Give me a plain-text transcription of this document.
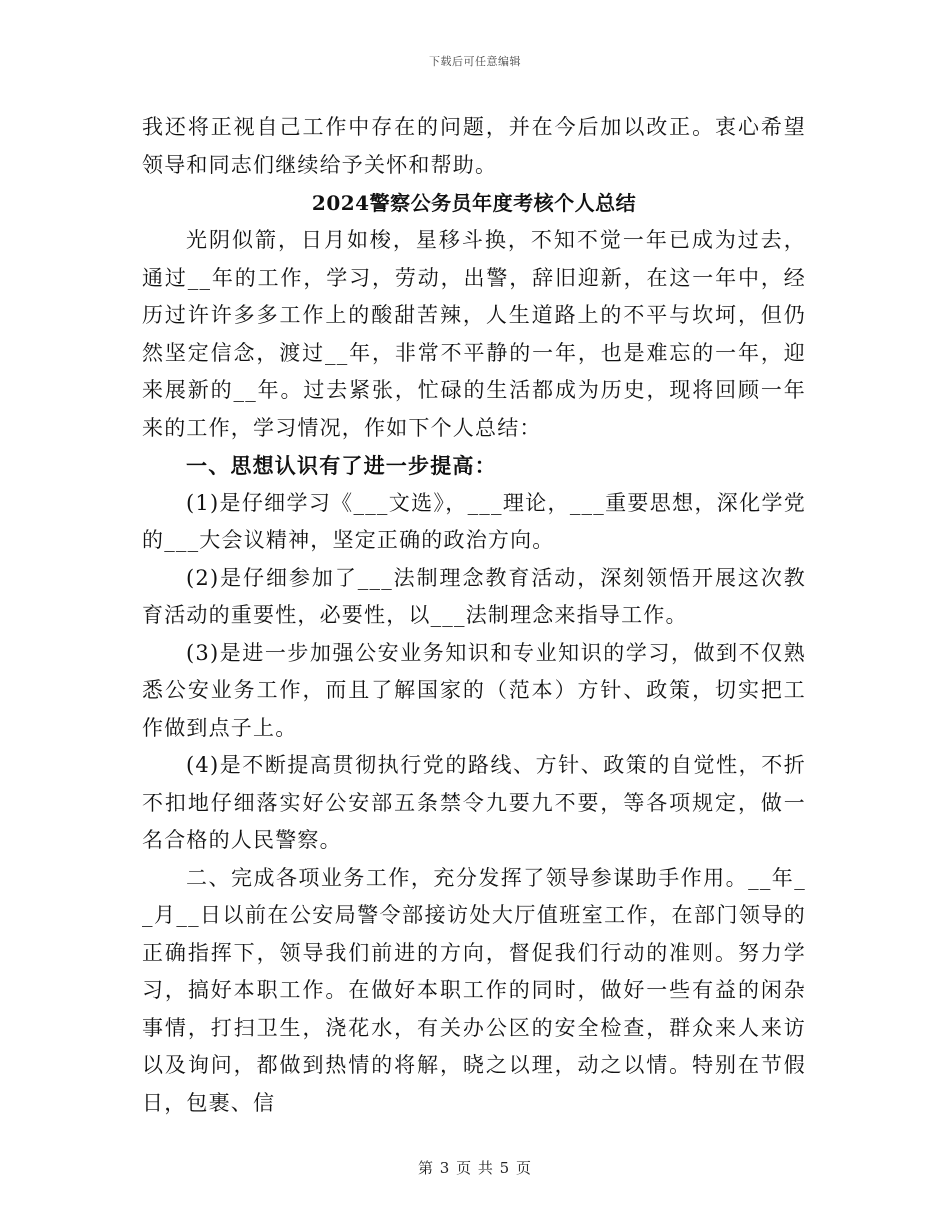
下载后可任意编辑

我还将正视自己工作中存在的问题，并在今后加以改正。衷心希望领导和同志们继续给予关怀和帮助。

2024警察公务员年度考核个人总结

光阴似箭，日月如梭，星移斗换，不知不觉一年已成为过去，通过__年的工作，学习，劳动，出警，辞旧迎新，在这一年中，经历过许许多多工作上的酸甜苦辣，人生道路上的不平与坎坷，但仍然坚定信念，渡过__年，非常不平静的一年，也是难忘的一年，迎来展新的__年。过去紧张，忙碌的生活都成为历史，现将回顾一年来的工作，学习情况，作如下个人总结：

一、思想认识有了进一步提高：

(1)是仔细学习《___文选》，___理论，___重要思想，深化学党的___大会议精神，坚定正确的政治方向。

(2)是仔细参加了___法制理念教育活动，深刻领悟开展这次教育活动的重要性，必要性，以___法制理念来指导工作。

(3)是进一步加强公安业务知识和专业知识的学习，做到不仅熟悉公安业务工作，而且了解国家的（范本）方针、政策，切实把工作做到点子上。

(4)是不断提高贯彻执行党的路线、方针、政策的自觉性，不折不扣地仔细落实好公安部五条禁令九要九不要，等各项规定，做一名合格的人民警察。

二、完成各项业务工作，充分发挥了领导参谋助手作用。__年__月__日以前在公安局警令部接访处大厅值班室工作，在部门领导的正确指挥下，领导我们前进的方向，督促我们行动的准则。努力学习，搞好本职工作。在做好本职工作的同时，做好一些有益的闲杂事情，打扫卫生，浇花水，有关办公区的安全检查，群众来人来访以及询问，都做到热情的将解，晓之以理，动之以情。特别在节假日，包裹、信

第 3 页 共 5 页
